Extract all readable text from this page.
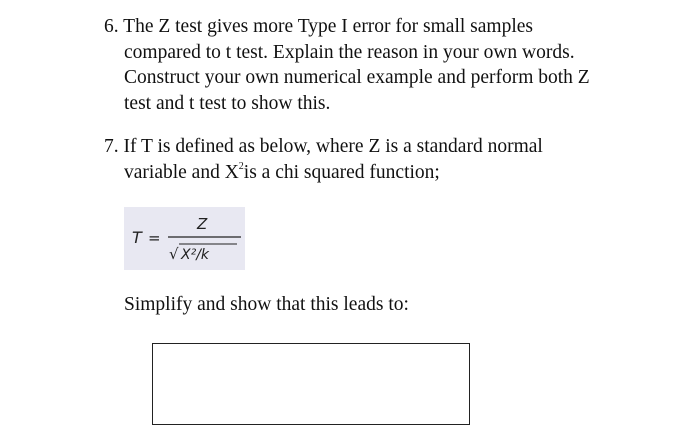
6. The Z test gives more Type I error for small samples
compared to t test. Explain the reason in your own words.
Construct your own numerical example and perform both Z
test and t test to show this.
7. If T is defined as below, where Z is a standard normal
variable and $X^2is$ a chi squared function;
T =
Z
√ X²/k
Simplify and show that this leads to:
